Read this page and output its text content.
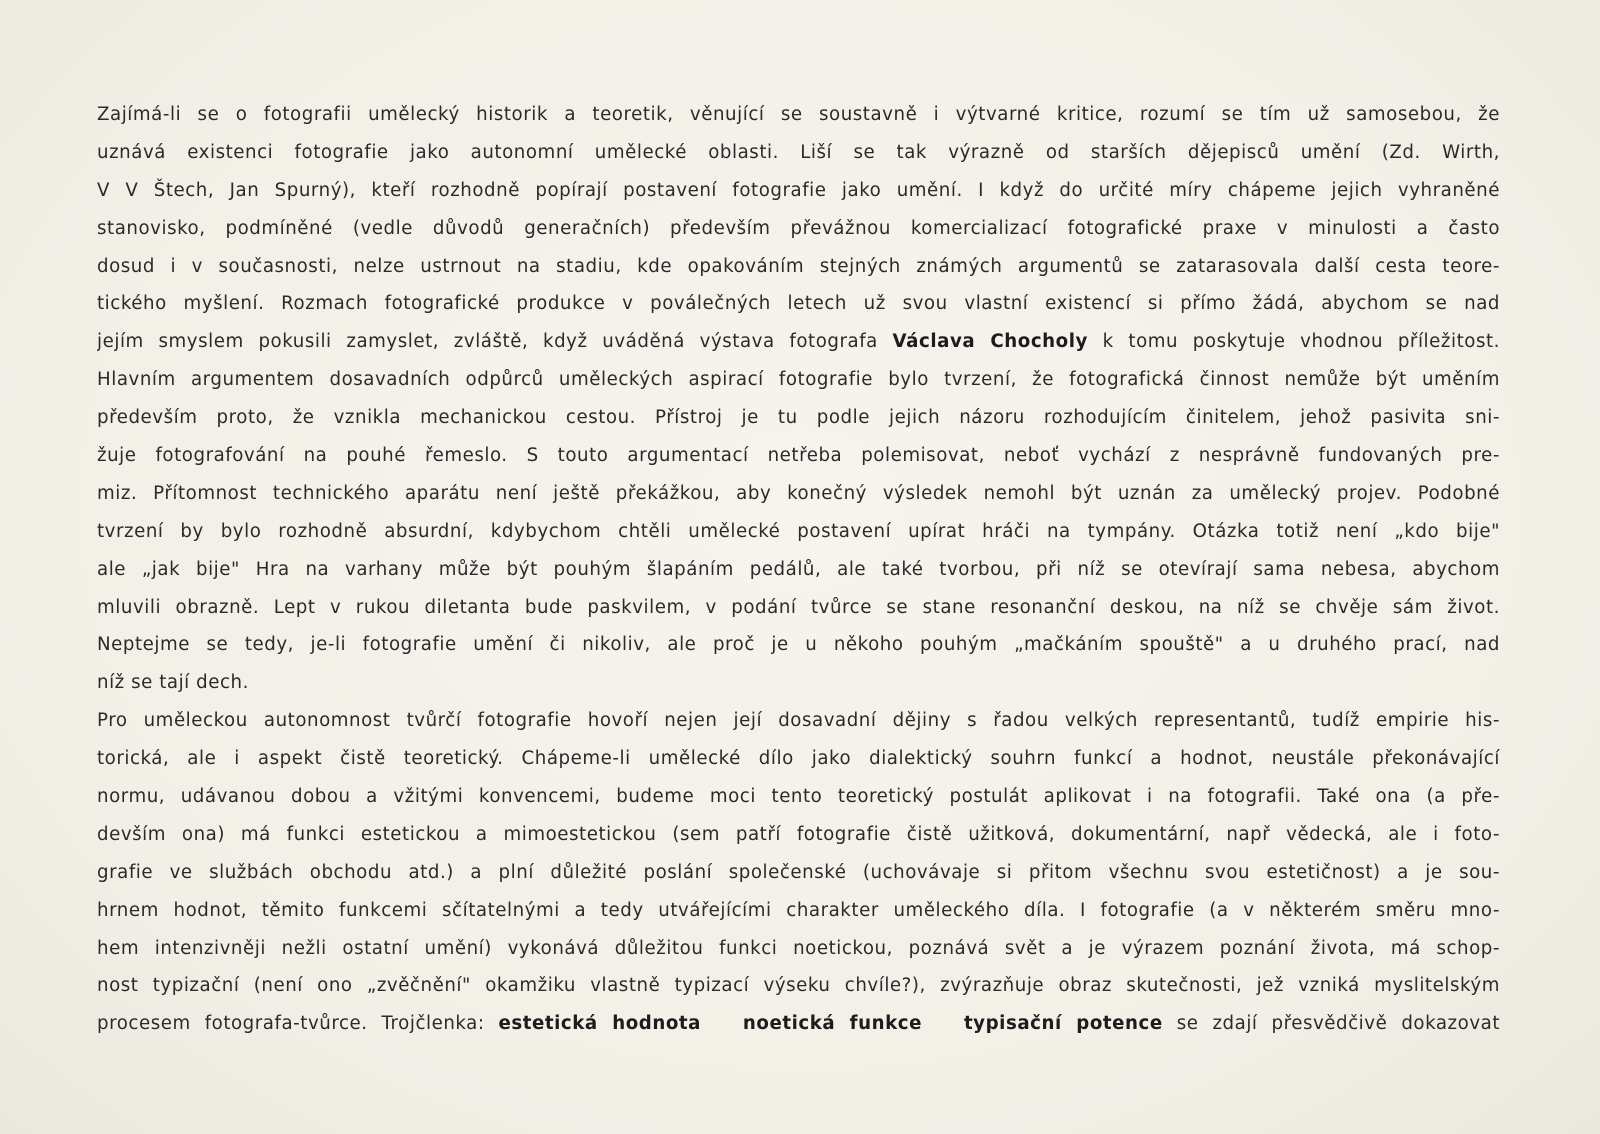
Zajímá-li se o fotografii umělecký historik a teoretik, věnující se soustavně i výtvarné kritice, rozumí se tím už samosebou, že
uznává existenci fotografie jako autonomní umělecké oblasti. Liší se tak výrazně od starších dějepisců umění (Zd. Wirth,
V V Štech, Jan Spurný), kteří rozhodně popírají postavení fotografie jako umění. I když do určité míry chápeme jejich vyhraněné
stanovisko, podmíněné (vedle důvodů generačních) především převážnou komercializací fotografické praxe v minulosti a často
dosud i v současnosti, nelze ustrnout na stadiu, kde opakováním stejných známých argumentů se zatarasovala další cesta teore-
tického myšlení. Rozmach fotografické produkce v poválečných letech už svou vlastní existencí si přímo žádá, abychom se nad
jejím smyslem pokusili zamyslet, zvláště, když uváděná výstava fotografa Václava Chocholy k tomu poskytuje vhodnou příležitost.
Hlavním argumentem dosavadních odpůrců uměleckých aspirací fotografie bylo tvrzení, že fotografická činnost nemůže být uměním
především proto, že vznikla mechanickou cestou. Přístroj je tu podle jejich názoru rozhodujícím činitelem, jehož pasivita sni-
žuje fotografování na pouhé řemeslo. S touto argumentací netřeba polemisovat, neboť vychází z nesprávně fundovaných pre-
miz. Přítomnost technického aparátu není ještě překážkou, aby konečný výsledek nemohl být uznán za umělecký projev. Podobné
tvrzení by bylo rozhodně absurdní, kdybychom chtěli umělecké postavení upírat hráči na tympány. Otázka totiž není „kdo bije"
ale „jak bije" Hra na varhany může být pouhým šlapáním pedálů, ale také tvorbou, při níž se otevírají sama nebesa, abychom
mluvili obrazně. Lept v rukou diletanta bude paskvilem, v podání tvůrce se stane resonanční deskou, na níž se chvěje sám život.
Neptejme se tedy, je-li fotografie umění či nikoliv, ale proč je u někoho pouhým „mačkáním spouště" a u druhého prací, nad
níž se tají dech.
Pro uměleckou autonomnost tvůrčí fotografie hovoří nejen její dosavadní dějiny s řadou velkých representantů, tudíž empirie his-
torická, ale i aspekt čistě teoretický. Chápeme-li umělecké dílo jako dialektický souhrn funkcí a hodnot, neustále překonávající
normu, udávanou dobou a vžitými konvencemi, budeme moci tento teoretický postulát aplikovat i na fotografii. Také ona (a pře-
devším ona) má funkci estetickou a mimoestetickou (sem patří fotografie čistě užitková, dokumentární, např vědecká, ale i foto-
grafie ve službách obchodu atd.) a plní důležité poslání společenské (uchovávaje si přitom všechnu svou estetičnost) a je sou-
hrnem hodnot, těmito funkcemi sčítatelnými a tedy utvářejícími charakter uměleckého díla. I fotografie (a v některém směru mno-
hem intenzivněji nežli ostatní umění) vykonává důležitou funkci noetickou, poznává svět a je výrazem poznání života, má schop-
nost typizační (není ono „zvěčnění" okamžiku vlastně typizací výseku chvíle?), zvýrazňuje obraz skutečnosti, jež vzniká myslitelským
procesem fotografa-tvůrce. Trojčlenka: estetická hodnota noetická funkce typisační potence se zdají přesvědčivě dokazovat
